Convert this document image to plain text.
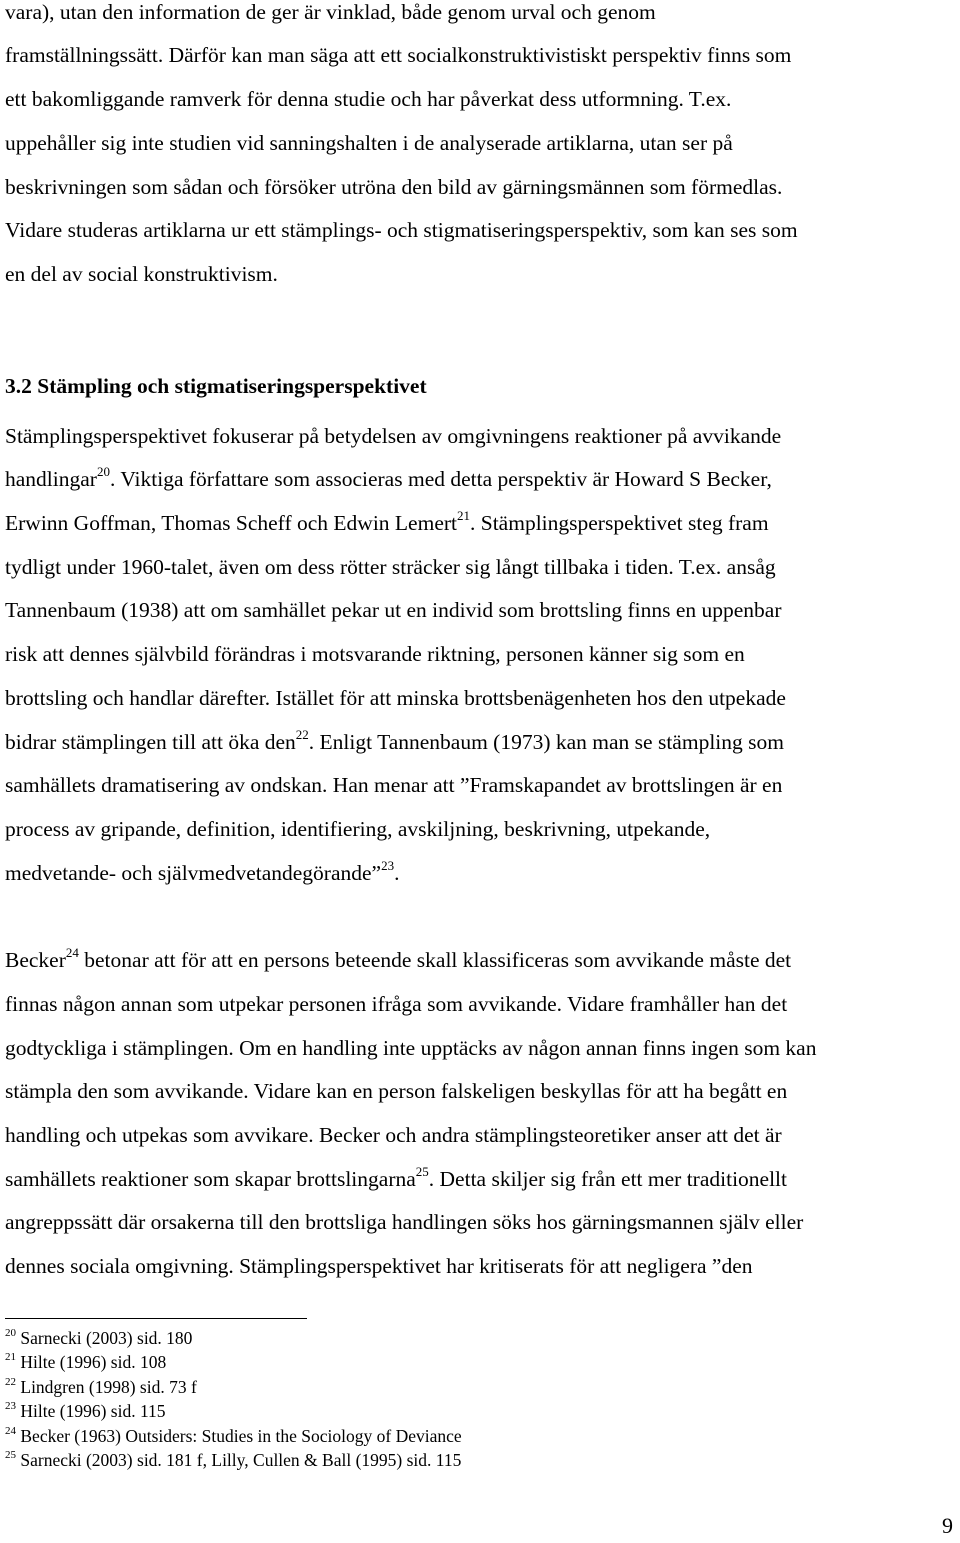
vara), utan den information de ger är vinklad, både genom urval och genom
framställningssätt. Därför kan man säga att ett socialkonstruktivistiskt perspektiv finns som
ett bakomliggande ramverk för denna studie och har påverkat dess utformning. T.ex.
uppehåller sig inte studien vid sanningshalten i de analyserade artiklarna, utan ser på
beskrivningen som sådan och försöker utröna den bild av gärningsmännen som förmedlas.
Vidare studeras artiklarna ur ett stämplings- och stigmatiseringsperspektiv, som kan ses som
en del av social konstruktivism.
3.2 Stämpling och stigmatiseringsperspektivet
Stämplingsperspektivet fokuserar på betydelsen av omgivningens reaktioner på avvikande
handlingar$^{20}$. Viktiga författare som associeras med detta perspektiv är Howard S Becker,
Erwinn Goffman, Thomas Scheff och Edwin Lemert$^{21}$. Stämplingsperspektivet steg fram
tydligt under 1960-talet, även om dess rötter sträcker sig långt tillbaka i tiden. T.ex. ansåg
Tannenbaum (1938) att om samhället pekar ut en individ som brottsling finns en uppenbar
risk att dennes självbild förändras i motsvarande riktning, personen känner sig som en
brottsling och handlar därefter. Istället för att minska brottsbenägenheten hos den utpekade
bidrar stämplingen till att öka den$^{22}$. Enligt Tannenbaum (1973) kan man se stämpling som
samhällets dramatisering av ondskan. Han menar att ”Framskapandet av brottslingen är en
process av gripande, definition, identifiering, avskiljning, beskrivning, utpekande,
medvetande- och självmedvetandegörande”$^{23}$.
Becker$^{24}$ betonar att för att en persons beteende skall klassificeras som avvikande måste det
finnas någon annan som utpekar personen ifråga som avvikande. Vidare framhåller han det
godtyckliga i stämplingen. Om en handling inte upptäcks av någon annan finns ingen som kan
stämpla den som avvikande. Vidare kan en person falskeligen beskyllas för att ha begått en
handling och utpekas som avvikare. Becker och andra stämplingsteoretiker anser att det är
samhällets reaktioner som skapar brottslingarna$^{25}$. Detta skiljer sig från ett mer traditionellt
angreppssätt där orsakerna till den brottsliga handlingen söks hos gärningsmannen själv eller
dennes sociala omgivning. Stämplingsperspektivet har kritiserats för att negligera ”den
$^{20}$ Sarnecki (2003) sid. 180
$^{21}$ Hilte (1996) sid. 108
$^{22}$ Lindgren (1998) sid. 73 f
$^{23}$ Hilte (1996) sid. 115
$^{24}$ Becker (1963) Outsiders: Studies in the Sociology of Deviance
$^{25}$ Sarnecki (2003) sid. 181 f, Lilly, Cullen & Ball (1995) sid. 115
9
